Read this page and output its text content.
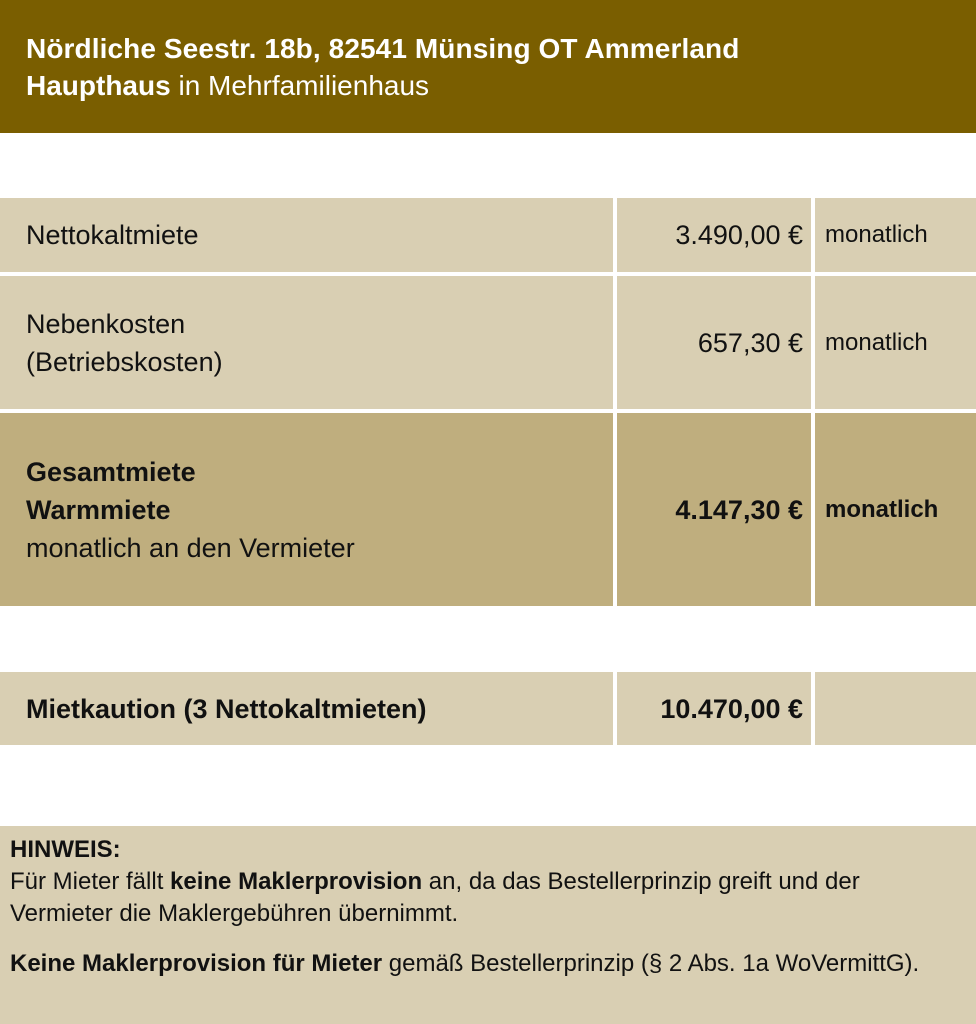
Nördliche Seestr. 18b, 82541 Münsing OT Ammerland
Haupthaus in Mehrfamilienhaus
Nettokaltmiete	3.490,00 € monatlich
Nebenkosten
(Betriebskosten)
657,30 € monatlich
Gesamtmiete
Warmmiete
monatlich an den Vermieter
4.147,30 € monatlich
Mietkaution (3 Nettokaltmieten)	10.470,00 €

HINWEIS:

Für Mieter fällt keine Maklerprovision an, da das Bestellerprinzip greift und der Vermieter die Maklergebühren übernimmt.

Keine Maklerprovision für Mieter gemäß Bestellerprinzip (§ 2 Abs. 1a WoVermittG).
